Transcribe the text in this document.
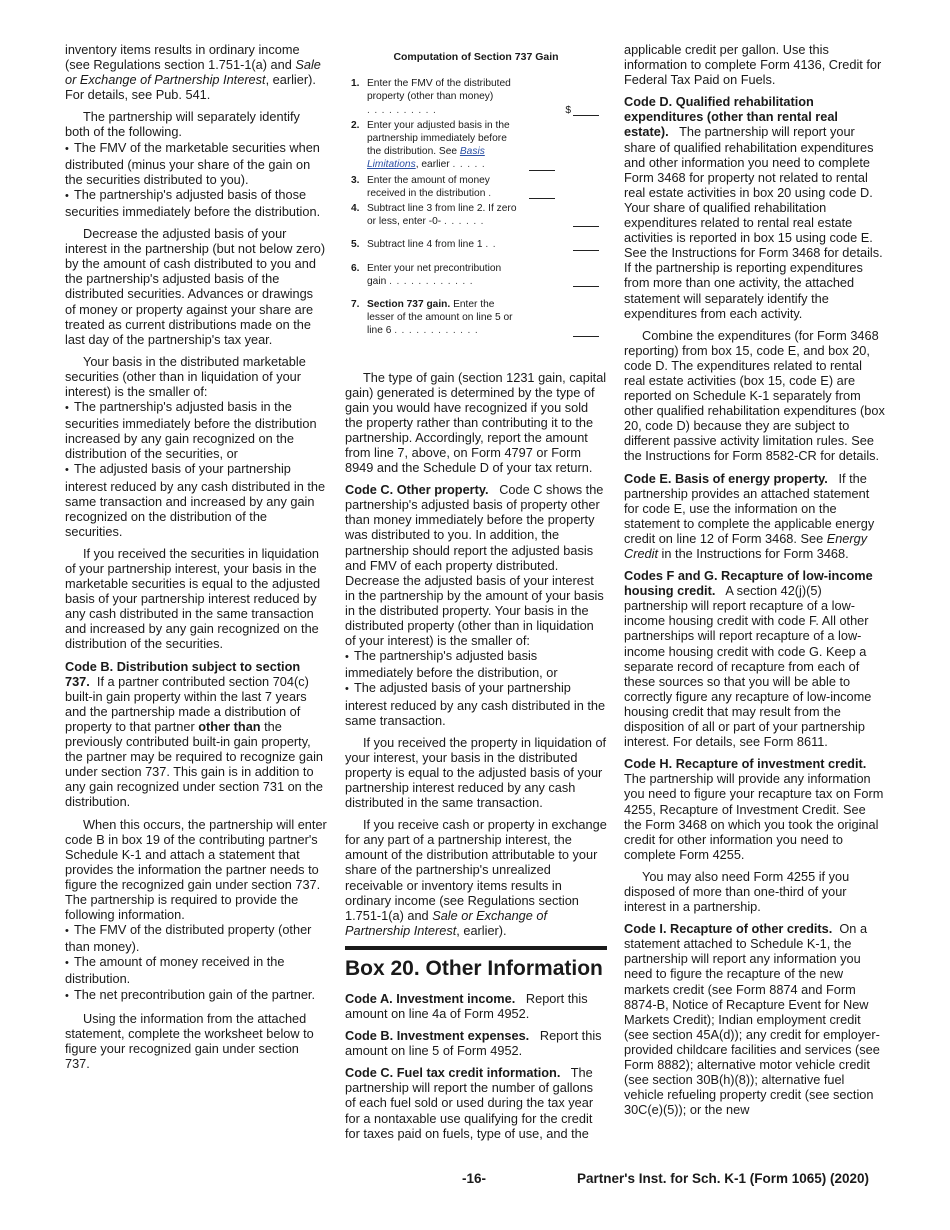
inventory items results in ordinary income (see Regulations section 1.751-1(a) and Sale or Exchange of Partnership Interest, earlier). For details, see Pub. 541.

The partnership will separately identify both of the following.

• The FMV of the marketable securities when distributed (minus your share of the gain on the securities distributed to you).

• The partnership's adjusted basis of those securities immediately before the distribution.

Decrease the adjusted basis of your interest in the partnership (but not below zero) by the amount of cash distributed to you and the partnership's adjusted basis of the distributed securities. Advances or drawings of money or property against your share are treated as current distributions made on the last day of the partnership's tax year.

Your basis in the distributed marketable securities (other than in liquidation of your interest) is the smaller of:

• The partnership's adjusted basis in the securities immediately before the distribution increased by any gain recognized on the distribution of the securities, or

• The adjusted basis of your partnership interest reduced by any cash distributed in the same transaction and increased by any gain recognized on the distribution of the securities.

If you received the securities in liquidation of your partnership interest, your basis in the marketable securities is equal to the adjusted basis of your partnership interest reduced by any cash distributed in the same transaction and increased by any gain recognized on the distribution of the securities.

Code B. Distribution subject to section 737. If a partner contributed section 704(c) built-in gain property within the last 7 years and the partnership made a distribution of property to that partner other than the previously contributed built-in gain property, the partner may be required to recognize gain under section 737. This gain is in addition to any gain recognized under section 731 on the distribution.

When this occurs, the partnership will enter code B in box 19 of the contributing partner's Schedule K-1 and attach a statement that provides the information the partner needs to figure the recognized gain under section 737. The partnership is required to provide the following information.

• The FMV of the distributed property (other than money).

• The amount of money received in the distribution.

• The net precontribution gain of the partner.

Using the information from the attached statement, complete the worksheet below to figure your recognized gain under section 737.

Computation of Section 737 Gain
1. Enter the FMV of the distributed property (other than money) ..........	$
2. Enter your adjusted basis in the partnership immediately before the distribution. See Basis Limitations, earlier .....
3. Enter the amount of money received in the distribution .
4. Subtract line 3 from line 2. If zero or less, enter -0- ......
5. Subtract line 4 from line 1 ..
6. Enter your net precontribution gain ............
7. Section 737 gain. Enter the lesser of the amount on line 5 or line 6 ............

The type of gain (section 1231 gain, capital gain) generated is determined by the type of gain you would have recognized if you sold the property rather than contributing it to the partnership. Accordingly, report the amount from line 7, above, on Form 4797 or Form 8949 and the Schedule D of your tax return.

Code C. Other property. Code C shows the partnership's adjusted basis of property other than money immediately before the property was distributed to you. In addition, the partnership should report the adjusted basis and FMV of each property distributed. Decrease the adjusted basis of your interest in the partnership by the amount of your basis in the distributed property. Your basis in the distributed property (other than in liquidation of your interest) is the smaller of:

• The partnership's adjusted basis immediately before the distribution, or

• The adjusted basis of your partnership interest reduced by any cash distributed in the same transaction.

If you received the property in liquidation of your interest, your basis in the distributed property is equal to the adjusted basis of your partnership interest reduced by any cash distributed in the same transaction.

If you receive cash or property in exchange for any part of a partnership interest, the amount of the distribution attributable to your share of the partnership's unrealized receivable or inventory items results in ordinary income (see Regulations section 1.751-1(a) and Sale or Exchange of Partnership Interest, earlier).

Box 20. Other Information

Code A. Investment income. Report this amount on line 4a of Form 4952.

Code B. Investment expenses. Report this amount on line 5 of Form 4952.

Code C. Fuel tax credit information. The partnership will report the number of gallons of each fuel sold or used during the tax year for a nontaxable use qualifying for the credit for taxes paid on fuels, type of use, and the

applicable credit per gallon. Use this information to complete Form 4136, Credit for Federal Tax Paid on Fuels.

Code D. Qualified rehabilitation expenditures (other than rental real estate). The partnership will report your share of qualified rehabilitation expenditures and other information you need to complete Form 3468 for property not related to rental real estate activities in box 20 using code D. Your share of qualified rehabilitation expenditures related to rental real estate activities is reported in box 15 using code E. See the Instructions for Form 3468 for details. If the partnership is reporting expenditures from more than one activity, the attached statement will separately identify the expenditures from each activity.

Combine the expenditures (for Form 3468 reporting) from box 15, code E, and box 20, code D. The expenditures related to rental real estate activities (box 15, code E) are reported on Schedule K-1 separately from other qualified rehabilitation expenditures (box 20, code D) because they are subject to different passive activity limitation rules. See the Instructions for Form 8582-CR for details.

Code E. Basis of energy property. If the partnership provides an attached statement for code E, use the information on the statement to complete the applicable energy credit on line 12 of Form 3468. See Energy Credit in the Instructions for Form 3468.

Codes F and G. Recapture of low-income housing credit. A section 42(j)(5) partnership will report recapture of a low-income housing credit with code F. All other partnerships will report recapture of a low-income housing credit with code G. Keep a separate record of recapture from each of these sources so that you will be able to correctly figure any recapture of low-income housing credit that may result from the disposition of all or part of your partnership interest. For details, see Form 8611.

Code H. Recapture of investment credit. The partnership will provide any information you need to figure your recapture tax on Form 4255, Recapture of Investment Credit. See the Form 3468 on which you took the original credit for other information you need to complete Form 4255.

You may also need Form 4255 if you disposed of more than one-third of your interest in a partnership.

Code I. Recapture of other credits. On a statement attached to Schedule K-1, the partnership will report any information you need to figure the recapture of the new markets credit (see Form 8874 and Form 8874-B, Notice of Recapture Event for New Markets Credit); Indian employment credit (see section 45A(d)); any credit for employer-provided childcare facilities and services (see Form 8882); alternative motor vehicle credit (see section 30B(h)(8)); alternative fuel vehicle refueling property credit (see section 30C(e)(5)); or the new

-16-	Partner's Inst. for Sch. K-1 (Form 1065) (2020)
